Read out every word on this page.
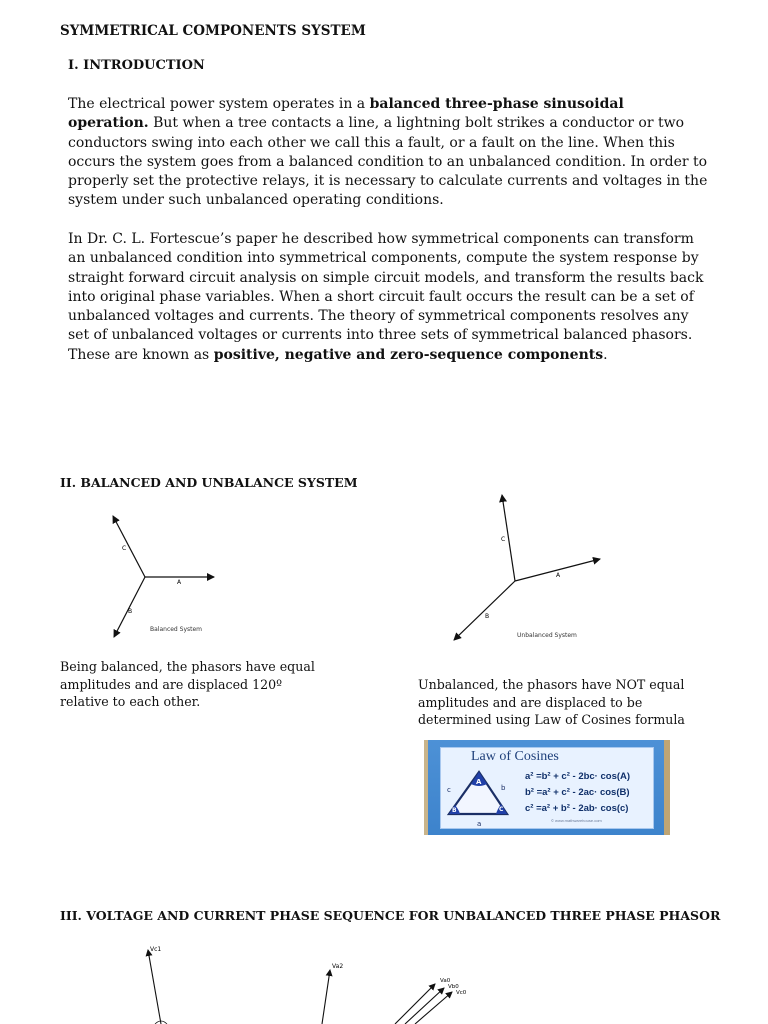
SYMMETRICAL COMPONENTS SYSTEM
I. INTRODUCTION
The electrical power system operates in a balanced three-phase sinusoidal operation. But when a tree contacts a line, a lightning bolt strikes a conductor or two conductors swing into each other we call this a fault, or a fault on the line. When this occurs the system goes from a balanced condition to an unbalanced condition. In order to properly set the protective relays, it is necessary to calculate currents and voltages in the system under such unbalanced operating conditions.
In Dr. C. L. Fortescue’s paper he described how symmetrical components can transform an unbalanced condition into symmetrical components, compute the system response by straight forward circuit analysis on simple circuit models, and transform the results back into original phase variables. When a short circuit fault occurs the result can be a set of unbalanced voltages and currents. The theory of symmetrical components resolves any set of unbalanced voltages or currents into three sets of symmetrical balanced phasors. These are known as positive, negative and zero-sequence components.
II. BALANCED AND UNBALANCE SYSTEM
A
C
B
Balanced System
C
A
B
Unbalanced System
Being balanced, the phasors have equal amplitudes and are displaced 120º relative to each other.
Unbalanced, the phasors have NOT equal amplitudes and are displaced to be determined using Law of Cosines formula
Law of Cosines
A
B	C
b
c
a
a² =b² + c² - 2bc· cos(A)
b² =a² + c² - 2ac· cos(B)
c² =a² + b² - 2ab· cos(c)
© www.mathwarehouse.com
III. VOLTAGE AND CURRENT PHASE SEQUENCE FOR UNBALANCED THREE PHASE PHASOR
Vc1
Va2
Va0
Vb0
Vc0
